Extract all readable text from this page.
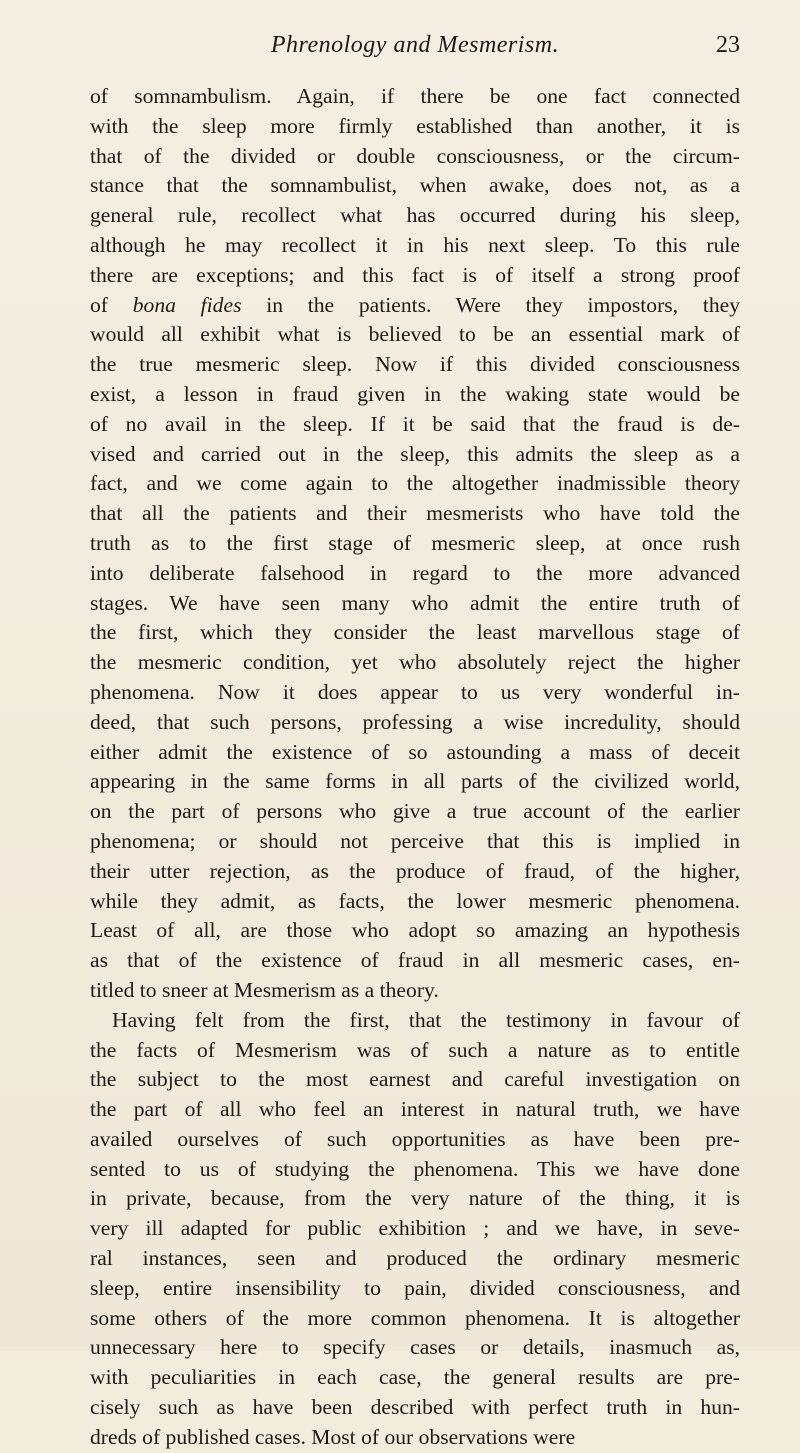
Phrenology and Mesmerism.	23
of somnambulism. Again, if there be one fact connected
with the sleep more firmly established than another, it is
that of the divided or double consciousness, or the circum-
stance that the somnambulist, when awake, does not, as a
general rule, recollect what has occurred during his sleep,
although he may recollect it in his next sleep. To this rule
there are exceptions; and this fact is of itself a strong proof
of bona fides in the patients. Were they impostors, they
would all exhibit what is believed to be an essential mark of
the true mesmeric sleep. Now if this divided consciousness
exist, a lesson in fraud given in the waking state would be
of no avail in the sleep. If it be said that the fraud is de-
vised and carried out in the sleep, this admits the sleep as a
fact, and we come again to the altogether inadmissible theory
that all the patients and their mesmerists who have told the
truth as to the first stage of mesmeric sleep, at once rush
into deliberate falsehood in regard to the more advanced
stages. We have seen many who admit the entire truth of
the first, which they consider the least marvellous stage of
the mesmeric condition, yet who absolutely reject the higher
phenomena. Now it does appear to us very wonderful in-
deed, that such persons, professing a wise incredulity, should
either admit the existence of so astounding a mass of deceit
appearing in the same forms in all parts of the civilized world,
on the part of persons who give a true account of the earlier
phenomena; or should not perceive that this is implied in
their utter rejection, as the produce of fraud, of the higher,
while they admit, as facts, the lower mesmeric phenomena.
Least of all, are those who adopt so amazing an hypothesis
as that of the existence of fraud in all mesmeric cases, en-
titled to sneer at Mesmerism as a theory.
Having felt from the first, that the testimony in favour of
the facts of Mesmerism was of such a nature as to entitle
the subject to the most earnest and careful investigation on
the part of all who feel an interest in natural truth, we have
availed ourselves of such opportunities as have been pre-
sented to us of studying the phenomena. This we have done
in private, because, from the very nature of the thing, it is
very ill adapted for public exhibition ; and we have, in seve-
ral instances, seen and produced the ordinary mesmeric
sleep, entire insensibility to pain, divided consciousness, and
some others of the more common phenomena. It is altogether
unnecessary here to specify cases or details, inasmuch as,
with peculiarities in each case, the general results are pre-
cisely such as have been described with perfect truth in hun-
dreds of published cases. Most of our observations were
